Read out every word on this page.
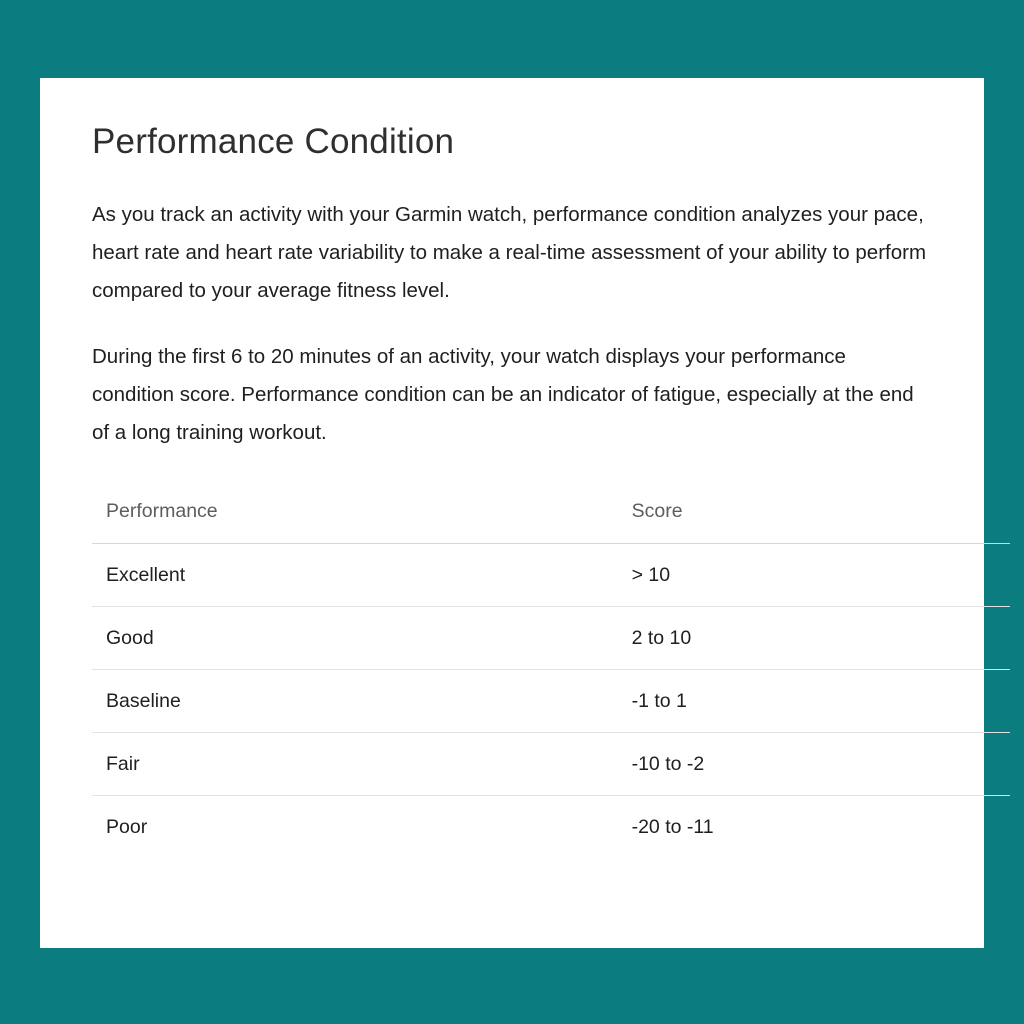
Performance Condition

As you track an activity with your Garmin watch, performance condition analyzes your pace, heart rate and heart rate variability to make a real-time assessment of your ability to perform compared to your average fitness level.

During the first 6 to 20 minutes of an activity, your watch displays your performance condition score. Performance condition can be an indicator of fatigue, especially at the end of a long training workout.

Performance	Score
Excellent	> 10
Good	2 to 10
Baseline	-1 to 1
Fair	-10 to -2
Poor	-20 to -11
